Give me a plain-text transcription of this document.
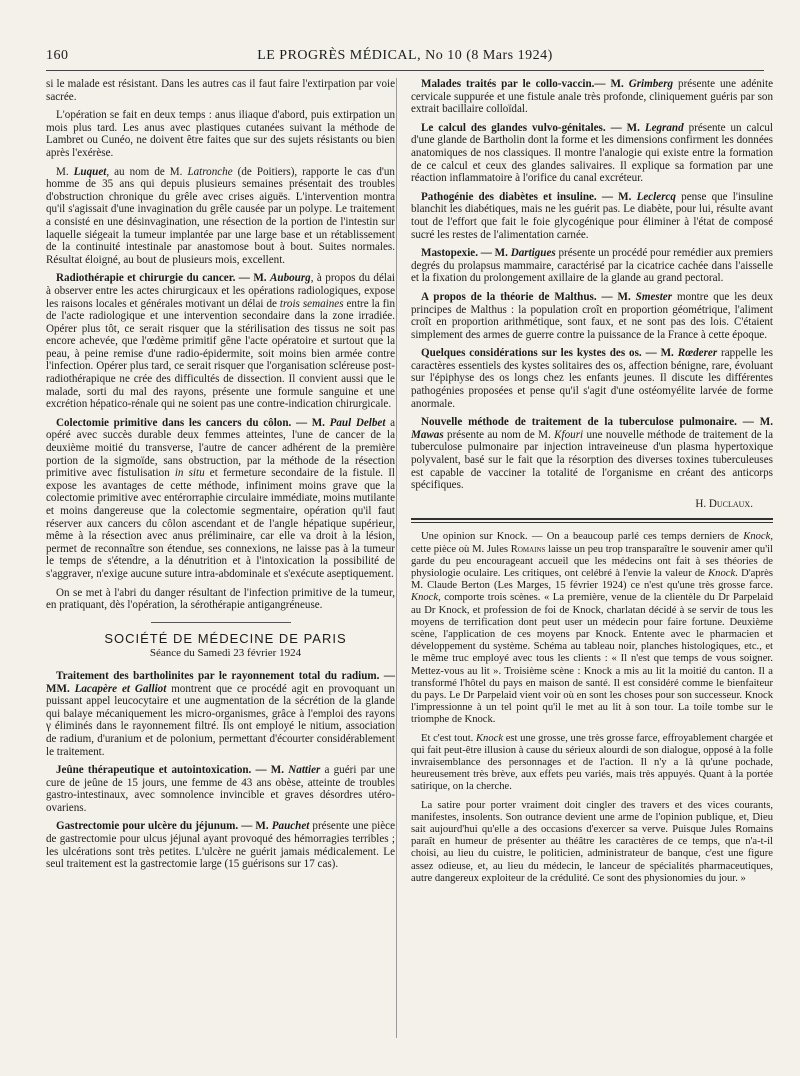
160	LE PROGRÈS MÉDICAL, No 10 (8 Mars 1924)

si le malade est résistant. Dans les autres cas il faut faire l'extirpation par voie sacrée.

L'opération se fait en deux temps : anus iliaque d'abord, puis extirpation un mois plus tard. Les anus avec plastiques cutanées suivant la méthode de Lambret ou Cunéo, ne doivent être faites que sur des sujets résistants ou bien après l'exérèse.

M. Luquet, au nom de M. Latronche (de Poitiers), rapporte le cas d'un homme de 35 ans qui depuis plusieurs semaines présentait des troubles d'obstruction chronique du grêle avec crises aiguës. L'intervention montra qu'il s'agissait d'une invagination du grêle causée par un polype. Le traitement a consisté en une désinvagination, une résection de la portion de l'intestin sur laquelle siégeait la tumeur implantée par une large base et un rétablissement de la continuité intestinale par anastomose bout à bout. Suites normales. Résultat éloigné, au bout de plusieurs mois, excellent.

Radiothérapie et chirurgie du cancer. — M. Aubourg, à propos du délai à observer entre les actes chirurgicaux et les opérations radiologiques, expose les raisons locales et générales motivant un délai de trois semaines entre la fin de l'acte radiologique et une intervention secondaire dans la zone irradiée. Opérer plus tôt, ce serait risquer que la stérilisation des tissus ne soit pas encore achevée, que l'œdème primitif gêne l'acte opératoire et surtout que la peau, à peine remise d'une radio-épidermite, soit moins bien armée contre l'infection. Opérer plus tard, ce serait risquer que l'organisation scléreuse post-radiothérapique ne crée des difficultés de dissection. Il convient aussi que le malade, sorti du mal des rayons, présente une formule sanguine et une excrétion hépatico-rénale qui ne soient pas une contre-indication chirurgicale.

Colectomie primitive dans les cancers du côlon. — M. Paul Delbet a opéré avec succès durable deux femmes atteintes, l'une de cancer de la deuxième moitié du transverse, l'autre de cancer adhérent de la première portion de la sigmoïde, sans obstruction, par la méthode de la résection primitive avec fistulisation in situ et fermeture secondaire de la fistule. Il expose les avantages de cette méthode, infiniment moins grave que la colectomie primitive avec entérorraphie circulaire immédiate, moins mutilante et moins dangereuse que la colectomie segmentaire, opération qu'il faut réserver aux cancers du côlon ascendant et de l'angle hépatique supérieur, même à la résection avec anus préliminaire, car elle va droit à la lésion, permet de reconnaître son étendue, ses connexions, ne laisse pas à la tumeur le temps de s'étendre, a la dénutrition et à l'intoxication la possibilité de s'aggraver, n'exige aucune suture intra-abdominale et s'exécute aseptiquement.

On se met à l'abri du danger résultant de l'infection primitive de la tumeur, en pratiquant, dès l'opération, la sérothérapie antigangréneuse.

SOCIÉTÉ DE MÉDECINE DE PARIS

Séance du Samedi 23 février 1924

Traitement des bartholinites par le rayonnement total du radium. — MM. Lacapère et Galliot montrent que ce procédé agit en provoquant un puissant appel leucocytaire et une augmentation de la sécrétion de la glande qui balaye mécaniquement les micro-organismes, grâce à l'emploi des rayons γ éliminés dans le rayonnement filtré. Ils ont employé le nitium, association de radium, d'uranium et de polonium, permettant d'écourter considérablement le traitement.

Jeûne thérapeutique et autointoxication. — M. Nattier a guéri par une cure de jeûne de 15 jours, une femme de 43 ans obèse, atteinte de troubles gastro-intestinaux, avec somnolence invincible et graves désordres utéro-ovariens.

Gastrectomie pour ulcère du jéjunum. — M. Pauchet présente une pièce de gastrectomie pour ulcus jéjunal ayant provoqué des hémorragies terribles ; les ulcérations sont très petites. L'ulcère ne guérit jamais médicalement. Le seul traitement est la gastrectomie large (15 guérisons sur 17 cas).

Malades traités par le collo-vaccin.— M. Grimberg présente une adénite cervicale suppurée et une fistule anale très profonde, cliniquement guéris par son extrait bacillaire colloïdal.

Le calcul des glandes vulvo-génitales. — M. Legrand présente un calcul d'une glande de Bartholin dont la forme et les dimensions confirment les données anatomiques de nos classiques. Il montre l'analogie qui existe entre la formation de ce calcul et ceux des glandes salivaires. Il explique sa formation par une réaction inflammatoire à l'orifice du canal excréteur.

Pathogénie des diabètes et insuline. — M. Leclercq pense que l'insuline blanchit les diabétiques, mais ne les guérit pas. Le diabète, pour lui, résulte avant tout de l'effort que fait le foie glycogénique pour éliminer à l'état de composé sucré les restes de l'alimentation carnée.

Mastopexie. — M. Dartigues présente un procédé pour remédier aux premiers degrés du prolapsus mammaire, caractérisé par la cicatrice cachée dans l'aisselle et la fixation du prolongement axillaire de la glande au grand pectoral.

A propos de la théorie de Malthus. — M. Smester montre que les deux principes de Malthus : la population croît en proportion géométrique, l'aliment croît en proportion arithmétique, sont faux, et ne sont pas des lois. C'étaient simplement des armes de guerre contre la puissance de la France à cette époque.

Quelques considérations sur les kystes des os. — M. Rœderer rappelle les caractères essentiels des kystes solitaires des os, affection bénigne, rare, évoluant sur l'épiphyse des os longs chez les enfants jeunes. Il discute les différentes pathogénies proposées et pense qu'il s'agit d'une ostéomyélite larvée de forme anormale.

Nouvelle méthode de traitement de la tuberculose pulmonaire. — M. Mawas présente au nom de M. Kfouri une nouvelle méthode de traitement de la tuberculose pulmonaire par injection intraveineuse d'un plasma hypertoxique polyvalent, basé sur le fait que la résorption des diverses toxines tuberculeuses est capable de vacciner la totalité de l'organisme en créant des anticorps spécifiques.

H. Duclaux.

Une opinion sur Knock. — On a beaucoup parlé ces temps derniers de Knock, cette pièce où M. Jules Romains laisse un peu trop transparaître le souvenir amer qu'il garde du peu encourageant accueil que les médecins ont fait à ses théories de physiologie oculaire. Les critiques, ont celébré à l'envie la valeur de Knock. D'après M. Claude Berton (Les Marges, 15 février 1924) ce n'est qu'une très grosse farce. Knock, comporte trois scènes. « La première, venue de la clientèle du Dr Parpelaid au Dr Knock, et profession de foi de Knock, charlatan décidé à se servir de tous les moyens de terrification dont peut user un médecin pour faire fortune. Deuxième scène, l'application de ces moyens par Knock. Entente avec le pharmacien et développement du système. Schéma au tableau noir, planches histologiques, etc., et le même truc employé avec tous les clients : « Il n'est que temps de vous soigner. Mettez-vous au lit ». Troisième scène : Knock a mis au lit la moitié du canton. Il a transformé l'hôtel du pays en maison de santé. Il est considéré comme le bienfaiteur du pays. Le Dr Parpelaid vient voir où en sont les choses pour son successeur. Knock l'impressionne à un tel point qu'il le met au lit à son tour. La toile tombe sur le triomphe de Knock.

Et c'est tout. Knock est une grosse, une très grosse farce, effroyablement chargée et qui fait peut-être illusion à cause du sérieux alourdi de son dialogue, opposé à la folle invraisemblance des personnages et de l'action. Il n'y a là qu'une pochade, heureusement très brève, aux effets peu variés, mais très appuyés. Quant à la portée satirique, on la cherche.

La satire pour porter vraiment doit cingler des travers et des vices courants, manifestes, insolents. Son outrance devient une arme de l'opinion publique, et, Dieu sait aujourd'hui qu'elle a des occasions d'exercer sa verve. Puisque Jules Romains paraît en humeur de présenter au théâtre les caractères de ce temps, que n'a-t-il choisi, au lieu du cuistre, le politicien, administrateur de banque, c'est une figure assez odieuse, et, au lieu du médecin, le lanceur de spécialités pharmaceutiques, autre dangereux exploiteur de la crédulité. Ce sont des physionomies du jour. »
